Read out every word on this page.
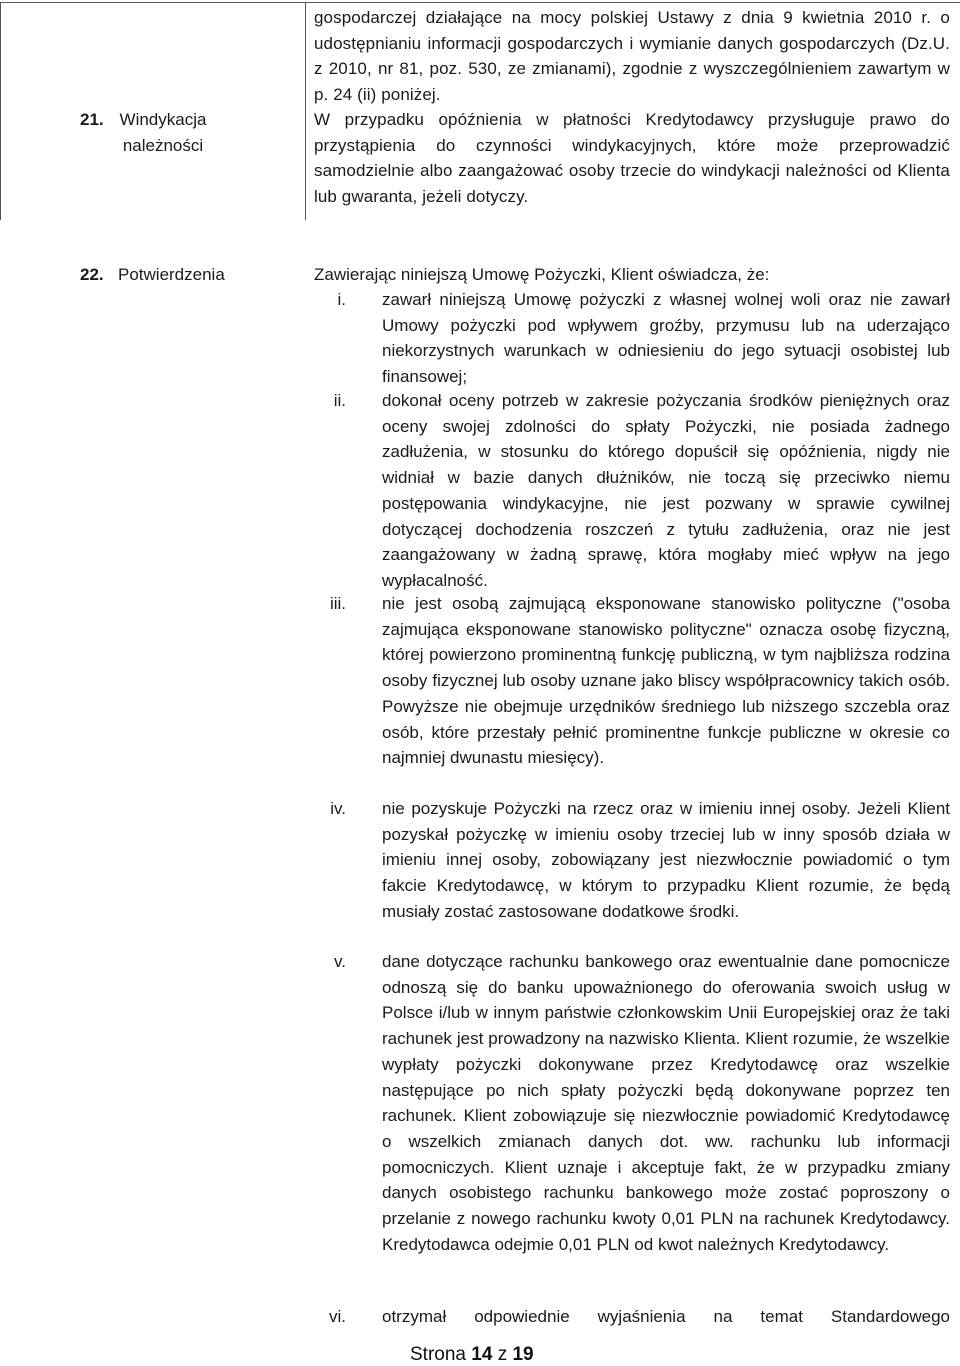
gospodarczej działające na mocy polskiej Ustawy z dnia 9 kwietnia 2010 r. o udostępnianiu informacji gospodarczych i wymianie danych gospodarczych (Dz.U. z 2010, nr 81, poz. 530, ze zmianami), zgodnie z wyszczególnieniem zawartym w p. 24 (ii) poniżej.
21. Windykacja
należności
W przypadku opóźnienia w płatności Kredytodawcy przysługuje prawo do przystąpienia do czynności windykacyjnych, które może przeprowadzić samodzielnie albo zaangażować osoby trzecie do windykacji należności od Klienta lub gwaranta, jeżeli dotyczy.
22. Potwierdzenia	Zawierając niniejszą Umowę Pożyczki, Klient oświadcza, że:
i. zawarł niniejszą Umowę pożyczki z własnej wolnej woli oraz nie zawarł Umowy pożyczki pod wpływem groźby, przymusu lub na uderzająco niekorzystnych warunkach w odniesieniu do jego sytuacji osobistej lub finansowej;
ii. dokonał oceny potrzeb w zakresie pożyczania środków pieniężnych oraz oceny swojej zdolności do spłaty Pożyczki, nie posiada żadnego zadłużenia, w stosunku do którego dopuścił się opóźnienia, nigdy nie widniał w bazie danych dłużników, nie toczą się przeciwko niemu postępowania windykacyjne, nie jest pozwany w sprawie cywilnej dotyczącej dochodzenia roszczeń z tytułu zadłużenia, oraz nie jest zaangażowany w żadną sprawę, która mogłaby mieć wpływ na jego wypłacalność.
iii. nie jest osobą zajmującą eksponowane stanowisko polityczne ("osoba zajmująca eksponowane stanowisko polityczne" oznacza osobę fizyczną, której powierzono prominentną funkcję publiczną, w tym najbliższa rodzina osoby fizycznej lub osoby uznane jako bliscy współpracownicy takich osób. Powyższe nie obejmuje urzędników średniego lub niższego szczebla oraz osób, które przestały pełnić prominentne funkcje publiczne w okresie co najmniej dwunastu miesięcy).
iv. nie pozyskuje Pożyczki na rzecz oraz w imieniu innej osoby. Jeżeli Klient pozyskał pożyczkę w imieniu osoby trzeciej lub w inny sposób działa w imieniu innej osoby, zobowiązany jest niezwłocznie powiadomić o tym fakcie Kredytodawcę, w którym to przypadku Klient rozumie, że będą musiały zostać zastosowane dodatkowe środki.
v. dane dotyczące rachunku bankowego oraz ewentualnie dane pomocnicze odnoszą się do banku upoważnionego do oferowania swoich usług w Polsce i/lub w innym państwie członkowskim Unii Europejskiej oraz że taki rachunek jest prowadzony na nazwisko Klienta. Klient rozumie, że wszelkie wypłaty pożyczki dokonywane przez Kredytodawcę oraz wszelkie następujące po nich spłaty pożyczki będą dokonywane poprzez ten rachunek. Klient zobowiązuje się niezwłocznie powiadomić Kredytodawcę o wszelkich zmianach danych dot. ww. rachunku lub informacji pomocniczych. Klient uznaje i akceptuje fakt, że w przypadku zmiany danych osobistego rachunku bankowego może zostać poproszony o przelanie z nowego rachunku kwoty 0,01 PLN na rachunek Kredytodawcy. Kredytodawca odejmie 0,01 PLN od kwot należnych Kredytodawcy.
vi. otrzymał odpowiednie wyjaśnienia na temat Standardowego
Strona 14 z 19
